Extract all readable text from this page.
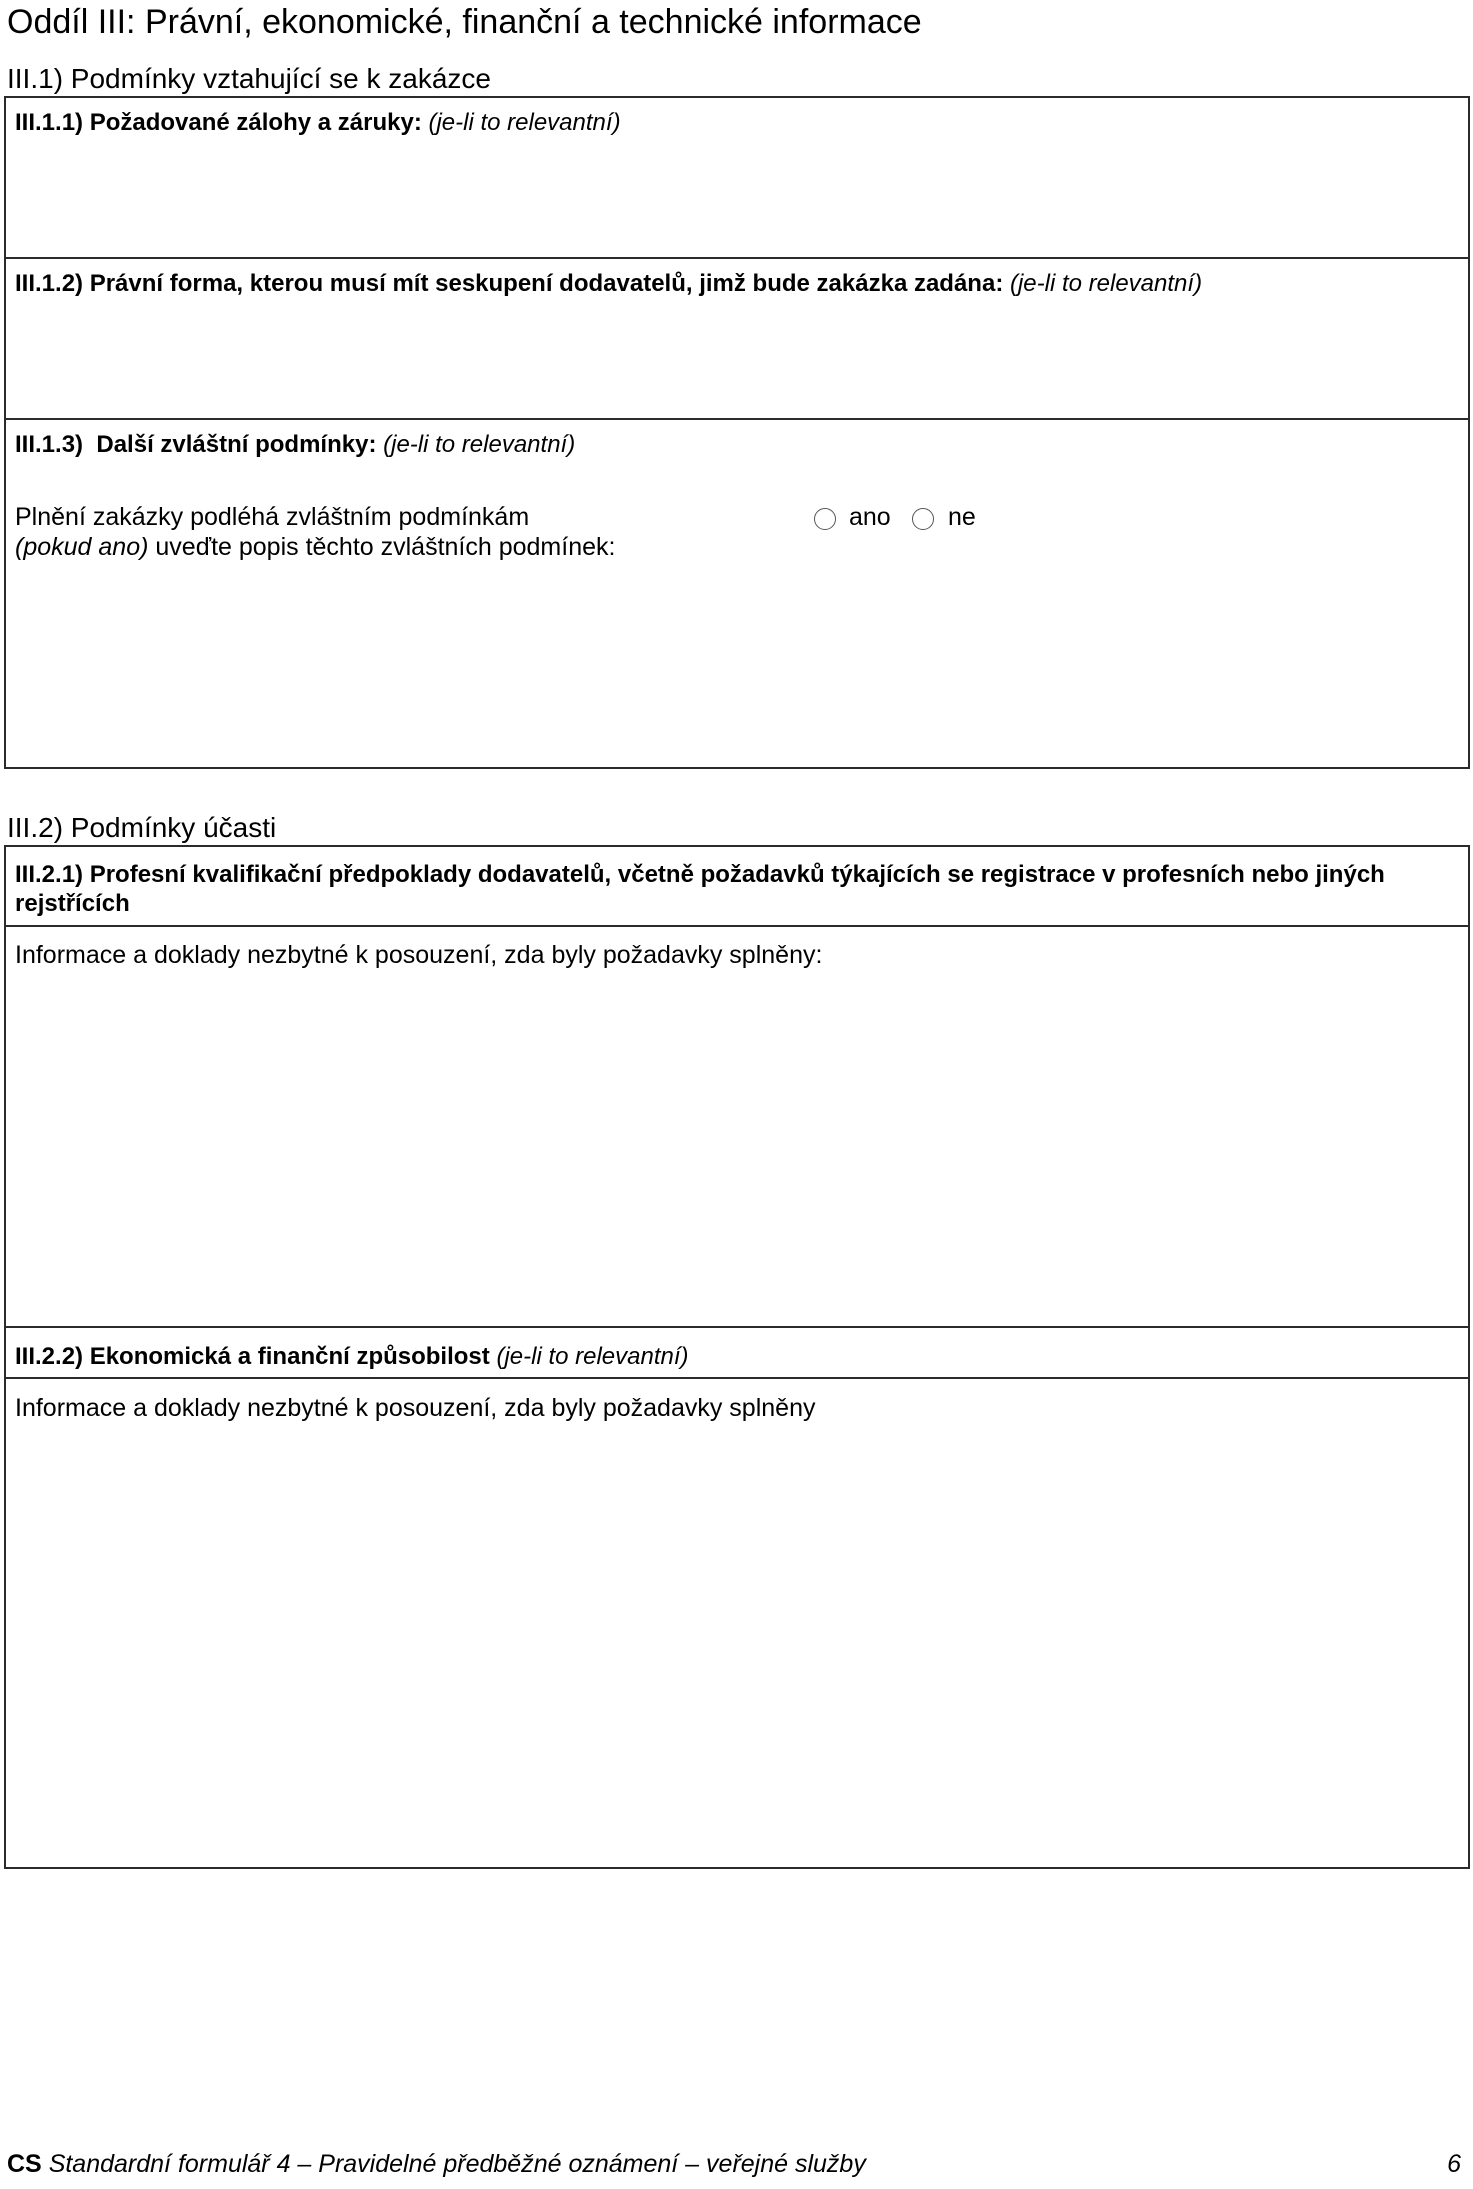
Oddíl III: Právní, ekonomické, finanční a technické informace
III.1) Podmínky vztahující se k zakázce
III.1.1) Požadované zálohy a záruky: (je-li to relevantní)
III.1.2) Právní forma, kterou musí mít seskupení dodavatelů, jimž bude zakázka zadána: (je-li to relevantní)
III.1.3) Další zvláštní podmínky: (je-li to relevantní)
Plnění zakázky podléhá zvláštním podmínkám
(pokud ano) uveďte popis těchto zvláštních podmínek:
ano ne
III.2) Podmínky účasti
III.2.1) Profesní kvalifikační předpoklady dodavatelů, včetně požadavků týkajících se registrace v profesních nebo jiných
rejstřících
Informace a doklady nezbytné k posouzení, zda byly požadavky splněny:
III.2.2) Ekonomická a finanční způsobilost (je-li to relevantní)
Informace a doklady nezbytné k posouzení, zda byly požadavky splněny
CS Standardní formulář 4 – Pravidelné předběžné oznámení – veřejné služby	6
